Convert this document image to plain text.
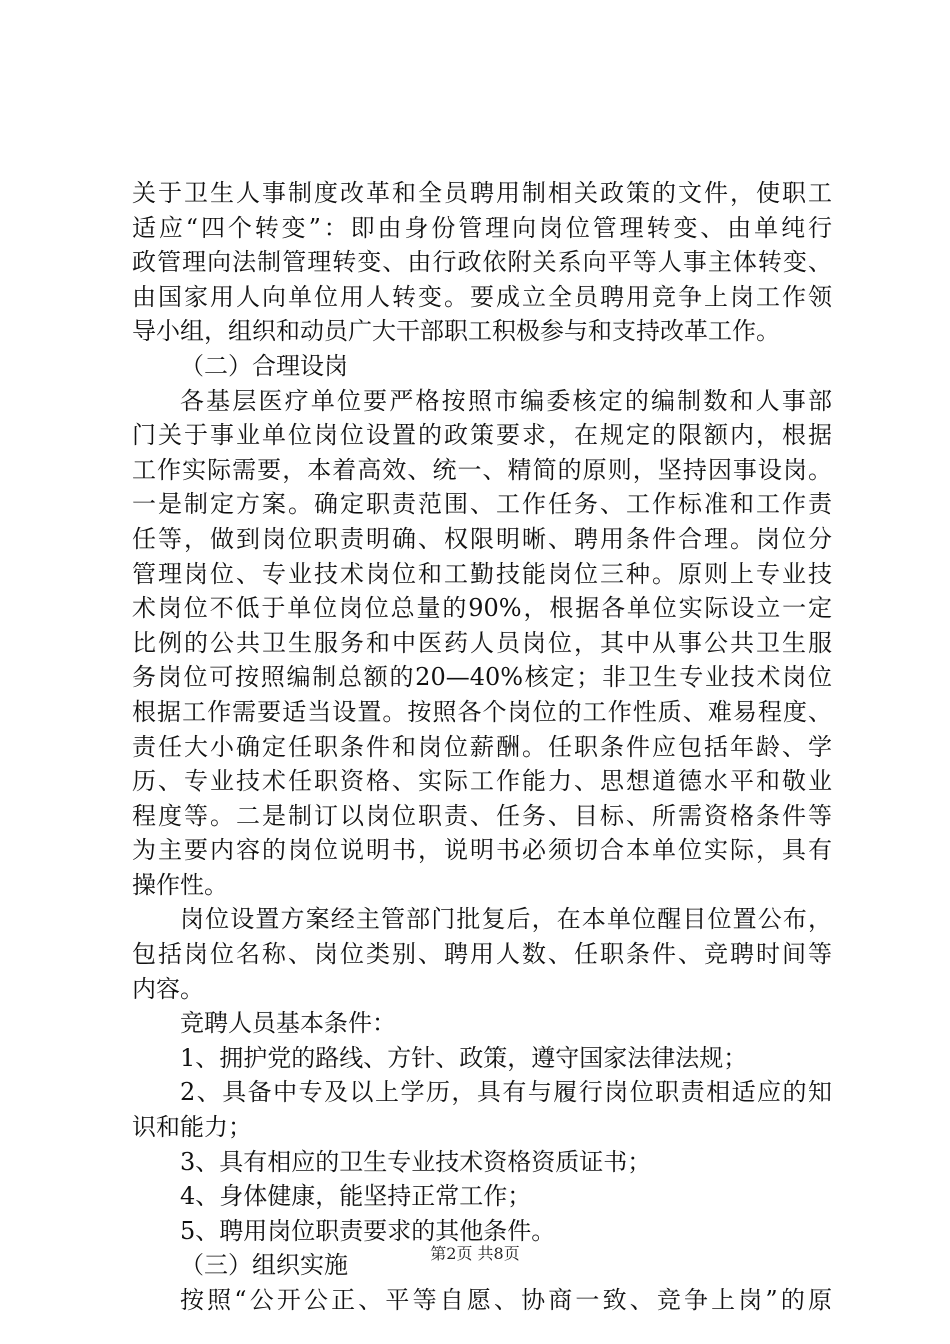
关于卫生人事制度改革和全员聘用制相关政策的文件，使职工
适应“四个转变”：即由身份管理向岗位管理转变、由单纯行
政管理向法制管理转变、由行政依附关系向平等人事主体转变、
由国家用人向单位用人转变。要成立全员聘用竞争上岗工作领
导小组，组织和动员广大干部职工积极参与和支持改革工作。
（二）合理设岗
各基层医疗单位要严格按照市编委核定的编制数和人事部
门关于事业单位岗位设置的政策要求，在规定的限额内，根据
工作实际需要，本着高效、统一、精简的原则，坚持因事设岗。
一是制定方案。确定职责范围、工作任务、工作标准和工作责
任等，做到岗位职责明确、权限明晰、聘用条件合理。岗位分
管理岗位、专业技术岗位和工勤技能岗位三种。原则上专业技
术岗位不低于单位岗位总量的90%，根据各单位实际设立一定
比例的公共卫生服务和中医药人员岗位，其中从事公共卫生服
务岗位可按照编制总额的20—40%核定；非卫生专业技术岗位
根据工作需要适当设置。按照各个岗位的工作性质、难易程度、
责任大小确定任职条件和岗位薪酬。任职条件应包括年龄、学
历、专业技术任职资格、实际工作能力、思想道德水平和敬业
程度等。二是制订以岗位职责、任务、目标、所需资格条件等
为主要内容的岗位说明书，说明书必须切合本单位实际，具有
操作性。
岗位设置方案经主管部门批复后，在本单位醒目位置公布，
包括岗位名称、岗位类别、聘用人数、任职条件、竞聘时间等
内容。
竞聘人员基本条件：
1、拥护党的路线、方针、政策，遵守国家法律法规；
2、具备中专及以上学历，具有与履行岗位职责相适应的知
识和能力；
3、具有相应的卫生专业技术资格资质证书；
4、身体健康，能坚持正常工作；
5、聘用岗位职责要求的其他条件。
（三）组织实施
按照“公开公正、平等自愿、协商一致、竞争上岗”的原
第2页 共8页
